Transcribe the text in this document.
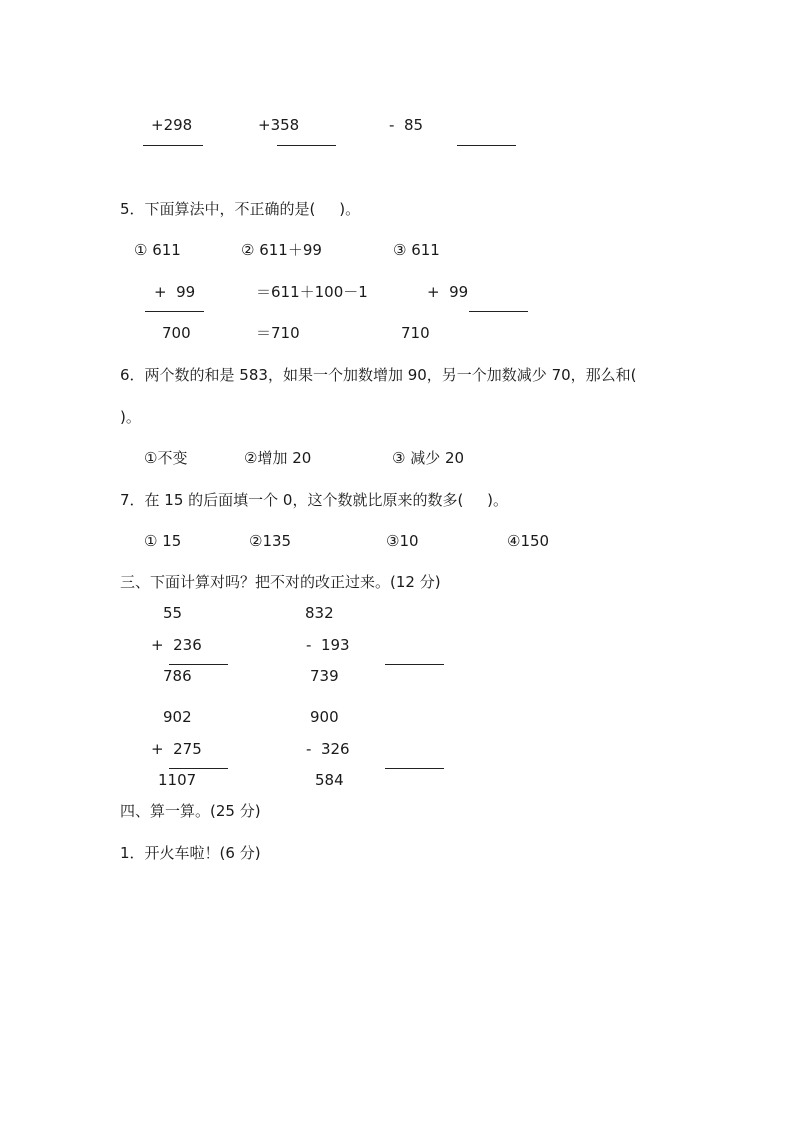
+298	+358	-  85
5．下面算法中，不正确的是(     )。
① 611	② 611＋99	③ 611
+  99	＝611＋100－1	+  99
700	＝710	710
6．两个数的和是 583，如果一个加数增加 90，另一个加数减少 70，那么和(
)。
①不变	②增加 20	③ 减少 20
7．在 15 的后面填一个 0，这个数就比原来的数多(     )。
① 15	②135	③10	④150
三、下面计算对吗？把不对的改正过来。(12 分)
55
+  236
786
832
-  193
739
902
+  275
1107
900
-  326
584
四、算一算。(25 分)
1．开火车啦！(6 分)
